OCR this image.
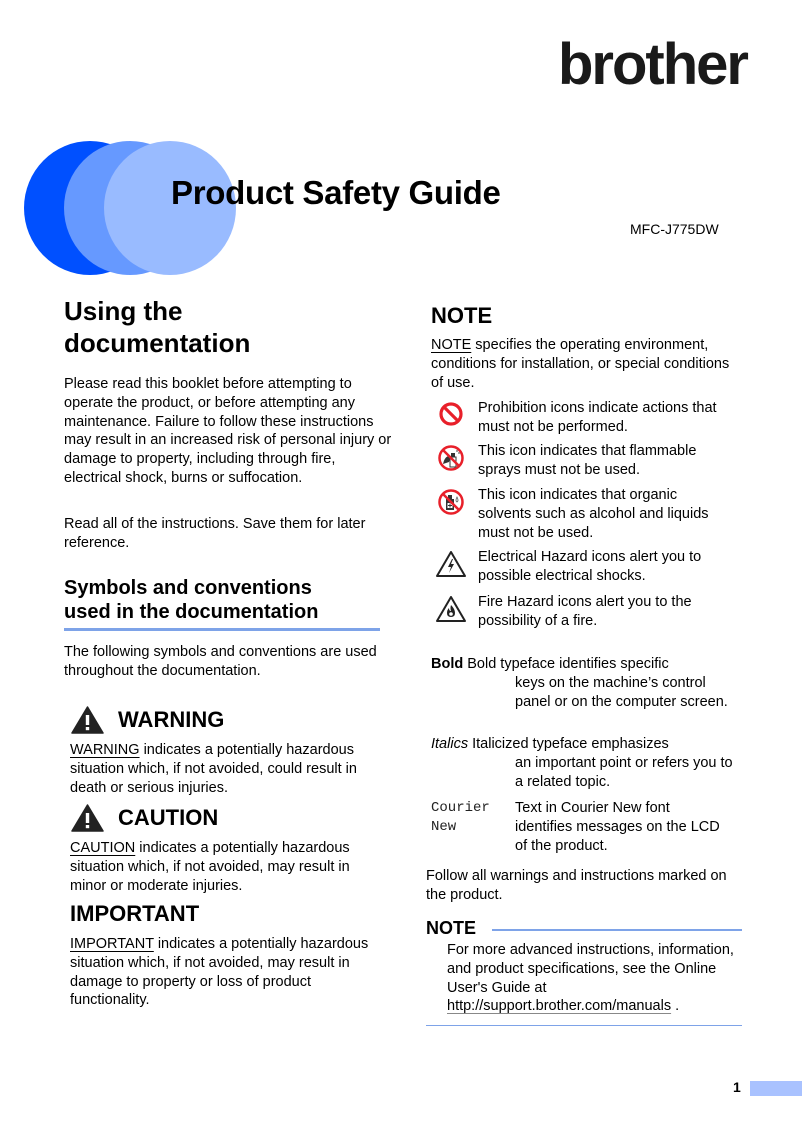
brother
Product Safety Guide
MFC-J775DW
Using the
documentation
Please read this booklet before attempting to operate the product, or before attempting any maintenance. Failure to follow these instructions may result in an increased risk of personal injury or damage to property, including through fire, electrical shock, burns or suffocation.
Read all of the instructions. Save them for later reference.
Symbols and conventions
used in the documentation
The following symbols and conventions are used throughout the documentation.
WARNING
WARNING indicates a potentially hazardous situation which, if not avoided, could result in death or serious injuries.
CAUTION
CAUTION indicates a potentially hazardous situation which, if not avoided, may result in minor or moderate injuries.
IMPORTANT
IMPORTANT indicates a potentially hazardous situation which, if not avoided, may result in damage to property or loss of product functionality.
NOTE
NOTE specifies the operating environment, conditions for installation, or special conditions of use.
Prohibition icons indicate actions that must not be performed.
This icon indicates that flammable sprays must not be used.
This icon indicates that organic solvents such as alcohol and liquids must not be used.
Electrical Hazard icons alert you to possible electrical shocks.
Fire Hazard icons alert you to the possibility of a fire.
Bold Bold typeface identifies specific
keys on the machine’s control panel or on the computer screen.
Italics Italicized typeface emphasizes
an important point or refers you to a related topic.
Courier
New
Text in Courier New font identifies messages on the LCD of the product.
Follow all warnings and instructions marked on the product.
NOTE
For more advanced instructions, information, and product specifications, see the Online User's Guide at http://support.brother.com/manuals .
1
